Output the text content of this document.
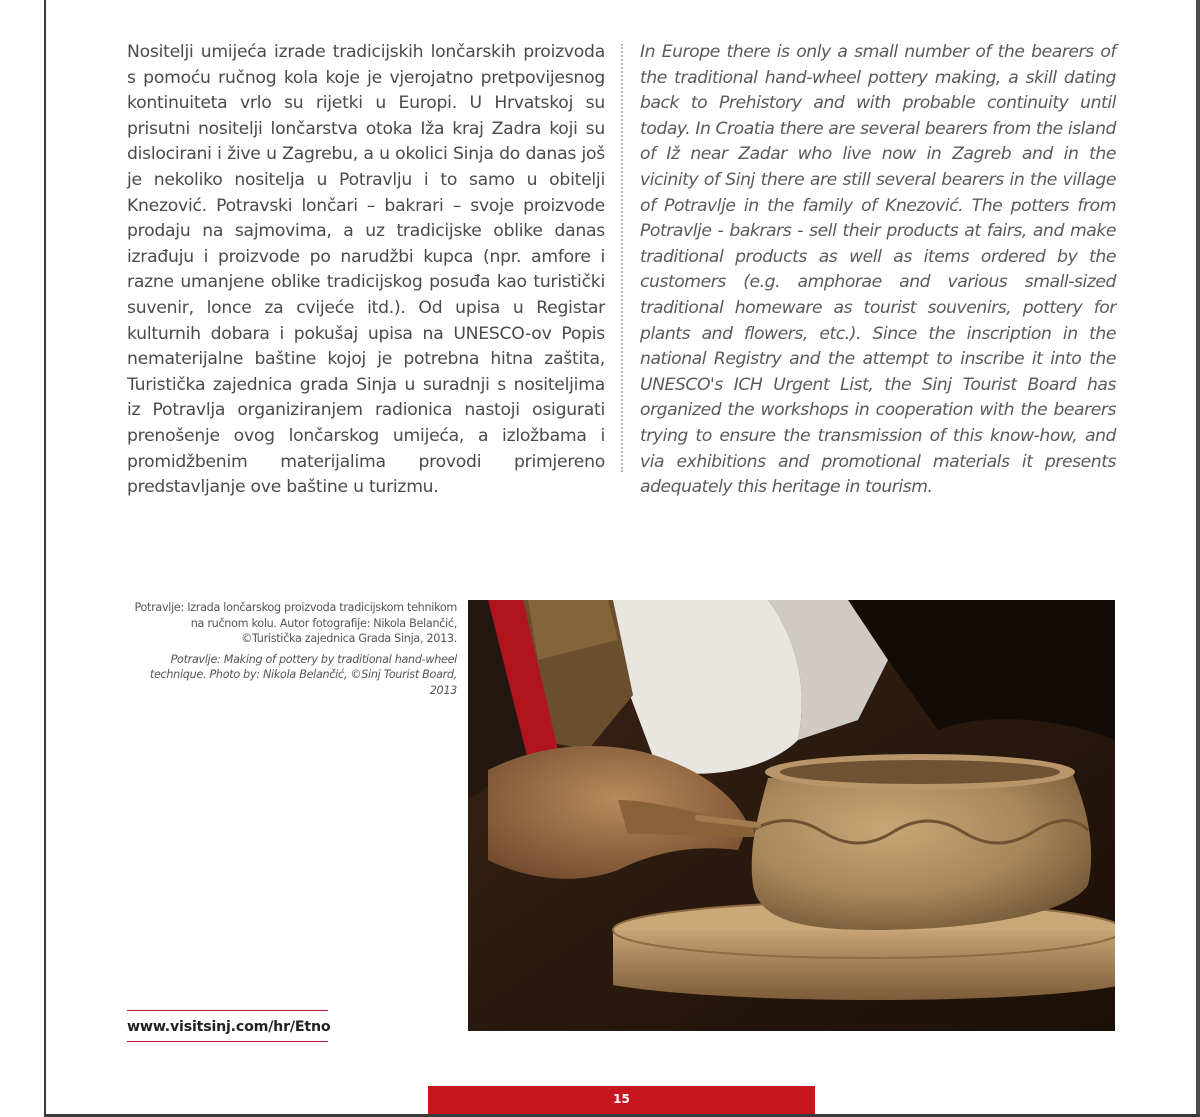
Nositelji umijeća izrade tradicijskih lončarskih proizvoda s pomoću ručnog kola koje je vjerojatno pretpovijesnog kontinuiteta vrlo su rijetki u Europi. U Hrvatskoj su prisutni nositelji lončarstva otoka Iža kraj Zadra koji su dislocirani i žive u Zagrebu, a u okolici Sinja do danas još je nekoliko nositelja u Potravlju i to samo u obitelji Knezović. Potravski lončari – bakrari – svoje proizvode prodaju na sajmovima, a uz tradicijske oblike danas izrađuju i proizvode po narudžbi kupca (npr. amfore i razne umanjene oblike tradicijskog posuđa kao turistički suvenir, lonce za cvijeće itd.). Od upisa u Registar kulturnih dobara i pokušaj upisa na UNESCO-ov Popis nematerijalne baštine kojoj je potrebna hitna zaštita, Turistička zajednica grada Sinja u suradnji s nositeljima iz Potravlja organiziranjem radionica nastoji osigurati prenošenje ovog lončarskog umijeća, a izložbama i promidžbenim materijalima provodi primjereno predstavljanje ove baštine u turizmu.
In Europe there is only a small number of the bearers of the traditional hand-wheel pottery making, a skill dating back to Prehistory and with probable continuity until today. In Croatia there are several bearers from the island of Iž near Zadar who live now in Zagreb and in the vicinity of Sinj there are still several bearers in the village of Potravlje in the family of Knezović. The potters from Potravlje - bakrars - sell their products at fairs, and make traditional products as well as items ordered by the customers (e.g. amphorae and various small-sized traditional homeware as tourist souvenirs, pottery for plants and flowers, etc.). Since the inscription in the national Registry and the attempt to inscribe it into the UNESCO's ICH Urgent List, the Sinj Tourist Board has organized the workshops in cooperation with the bearers trying to ensure the transmission of this know-how, and via exhibitions and promotional materials it presents adequately this heritage in tourism.

Potravlje: Izrada lončarskog proizvoda tradicijskom tehnikom na ručnom kolu. Autor fotografije: Nikola Belančić, ©Turistička zajednica Grada Sinja, 2013.

Potravlje: Making of pottery by traditional hand-wheel technique. Photo by: Nikola Belančić, ©Sinj Tourist Board, 2013

www.visitsinj.com/hr/Etno
15
